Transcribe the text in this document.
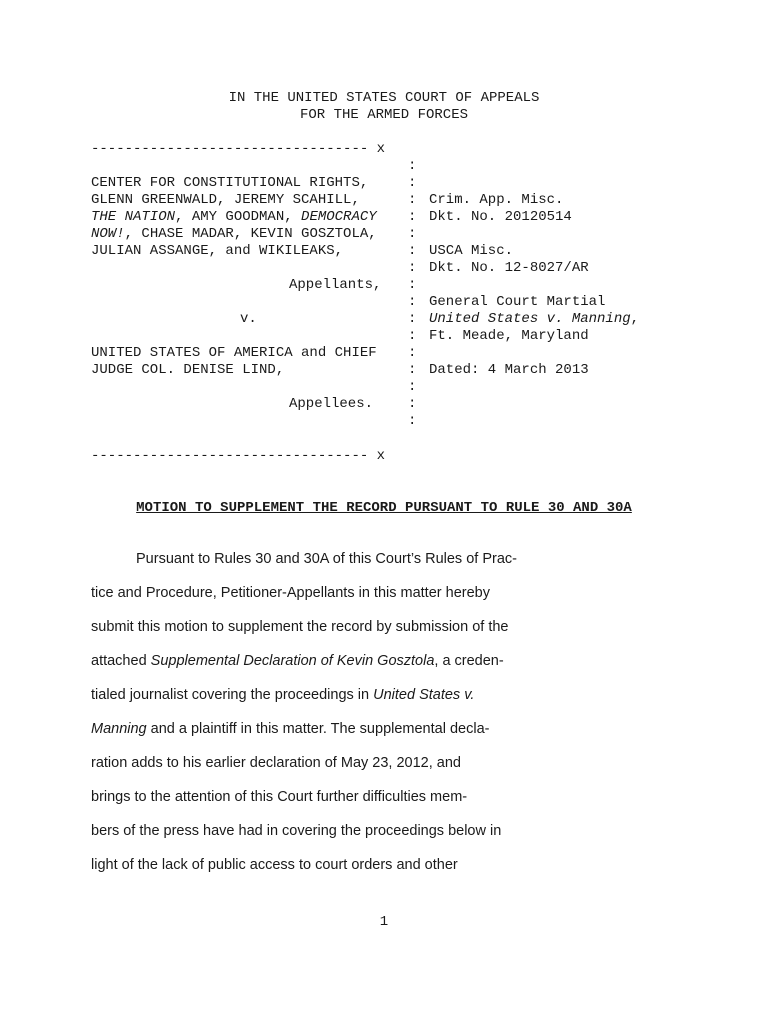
IN THE UNITED STATES COURT OF APPEALS
FOR THE ARMED FORCES
--------------------------------- x
:
CENTER FOR CONSTITUTIONAL RIGHTS,	:
GLENN GREENWALD, JEREMY SCAHILL,	: Crim. App. Misc.
THE NATION, AMY GOODMAN, DEMOCRACY : Dkt. No. 20120514
NOW!, CHASE MADAR, KEVIN GOSZTOLA, :
JULIAN ASSANGE, and WIKILEAKS,	: USCA Misc.
: Dkt. No. 12-8027/AR
Appellants, :
: General Court Martial
v.	: United States v. Manning,
: Ft. Meade, Maryland
UNITED STATES OF AMERICA and CHIEF :
JUDGE COL. DENISE LIND,	: Dated: 4 March 2013
:
Appellees. :
:
--------------------------------- x
MOTION TO SUPPLEMENT THE RECORD PURSUANT TO RULE 30 AND 30A
Pursuant to Rules 30 and 30A of this Court’s Rules of Prac-
tice and Procedure, Petitioner-Appellants in this matter hereby
submit this motion to supplement the record by submission of the
attached Supplemental Declaration of Kevin Gosztola, a creden-
tialed journalist covering the proceedings in United States v.
Manning and a plaintiff in this matter. The supplemental decla-
ration adds to his earlier declaration of May 23, 2012, and
brings to the attention of this Court further difficulties mem-
bers of the press have had in covering the proceedings below in
light of the lack of public access to court orders and other
1
